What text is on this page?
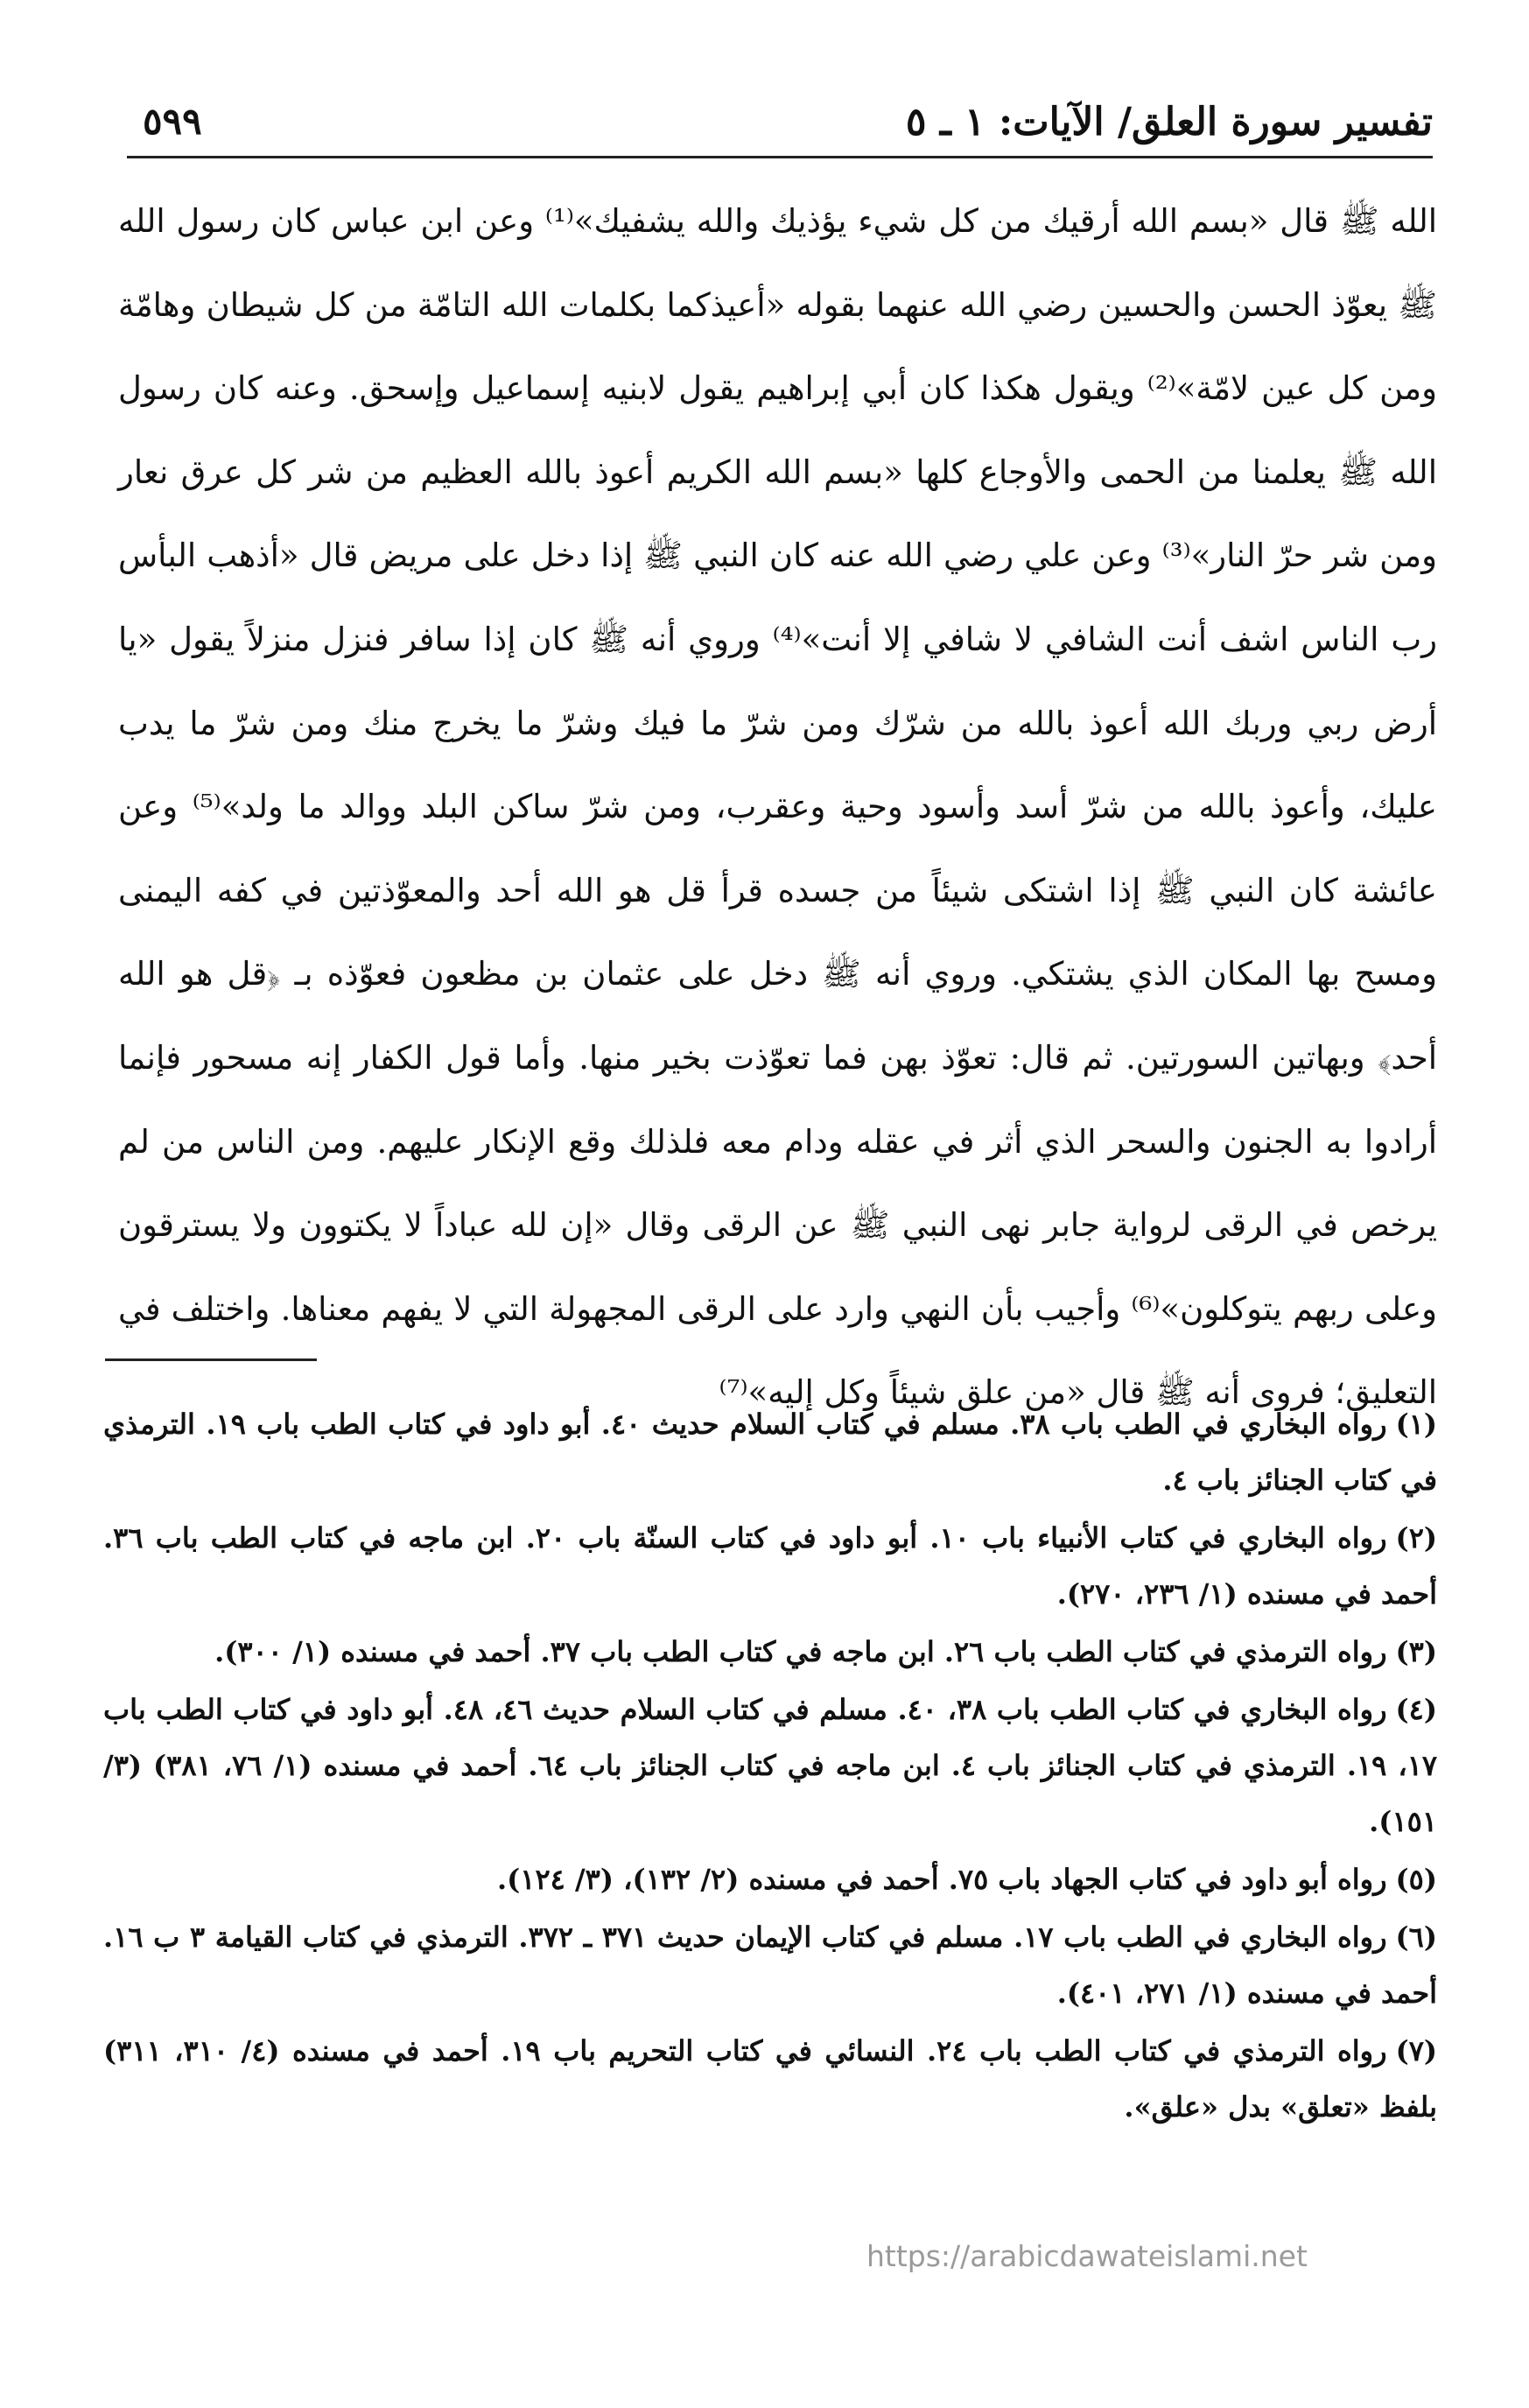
تفسير سورة العلق/ الآيات: ١ ـ ٥
٥٩٩

الله ﷺ قال «بسم الله أرقيك من كل شيء يؤذيك والله يشفيك»⁽¹⁾ وعن ابن عباس كان رسول الله ﷺ يعوّذ الحسن والحسين رضي الله عنهما بقوله «أعيذكما بكلمات الله التامّة من كل شيطان وهامّة ومن كل عين لامّة»⁽²⁾ ويقول هكذا كان أبي إبراهيم يقول لابنيه إسماعيل وإسحق. وعنه كان رسول الله ﷺ يعلمنا من الحمى والأوجاع كلها «بسم الله الكريم أعوذ بالله العظيم من شر كل عرق نعار ومن شر حرّ النار»⁽³⁾ وعن علي رضي الله عنه كان النبي ﷺ إذا دخل على مريض قال «أذهب البأس رب الناس اشف أنت الشافي لا شافي إلا أنت»⁽⁴⁾ وروي أنه ﷺ كان إذا سافر فنزل منزلاً يقول «يا أرض ربي وربك الله أعوذ بالله من شرّك ومن شرّ ما فيك وشرّ ما يخرج منك ومن شرّ ما يدب عليك، وأعوذ بالله من شرّ أسد وأسود وحية وعقرب، ومن شرّ ساكن البلد ووالد ما ولد»⁽⁵⁾ وعن عائشة كان النبي ﷺ إذا اشتكى شيئاً من جسده قرأ قل هو الله أحد والمعوّذتين في كفه اليمنى ومسح بها المكان الذي يشتكي. وروي أنه ﷺ دخل على عثمان بن مظعون فعوّذه بـ ﴿قل هو الله أحد﴾ وبهاتين السورتين. ثم قال: تعوّذ بهن فما تعوّذت بخير منها. وأما قول الكفار إنه مسحور فإنما أرادوا به الجنون والسحر الذي أثر في عقله ودام معه فلذلك وقع الإنكار عليهم. ومن الناس من لم يرخص في الرقى لرواية جابر نهى النبي ﷺ عن الرقى وقال «إن لله عباداً لا يكتوون ولا يسترقون وعلى ربهم يتوكلون»⁽⁶⁾ وأجيب بأن النهي وارد على الرقى المجهولة التي لا يفهم معناها. واختلف في التعليق؛ فروى أنه ﷺ قال «من علق شيئاً وكل إليه»⁽⁷⁾

(١)رواه البخاري في الطب باب ٣٨. مسلم في كتاب السلام حديث ٤٠. أبو داود في كتاب الطب باب ١٩. الترمذي في كتاب الجنائز باب ٤.

(٢)رواه البخاري في كتاب الأنبياء باب ١٠. أبو داود في كتاب السنّة باب ٢٠. ابن ماجه في كتاب الطب باب ٣٦. أحمد في مسنده (١/ ٢٣٦، ٢٧٠).

(٣)رواه الترمذي في كتاب الطب باب ٢٦. ابن ماجه في كتاب الطب باب ٣٧. أحمد في مسنده (١/ ٣٠٠).

(٤)رواه البخاري في كتاب الطب باب ٣٨، ٤٠. مسلم في كتاب السلام حديث ٤٦، ٤٨. أبو داود في كتاب الطب باب ١٧، ١٩. الترمذي في كتاب الجنائز باب ٤. ابن ماجه في كتاب الجنائز باب ٦٤. أحمد في مسنده (١/ ٧٦، ٣٨١) (٣/ ١٥١).

(٥)رواه أبو داود في كتاب الجهاد باب ٧٥. أحمد في مسنده (٢/ ١٣٢)، (٣/ ١٢٤).

(٦)رواه البخاري في الطب باب ١٧. مسلم في كتاب الإيمان حديث ٣٧١ ـ ٣٧٢. الترمذي في كتاب القيامة ٣ ب ١٦. أحمد في مسنده (١/ ٢٧١، ٤٠١).

(٧)رواه الترمذي في كتاب الطب باب ٢٤. النسائي في كتاب التحريم باب ١٩. أحمد في مسنده (٤/ ٣١٠، ٣١١) بلفظ «تعلق» بدل «علق».

https://arabicdawateislami.net
